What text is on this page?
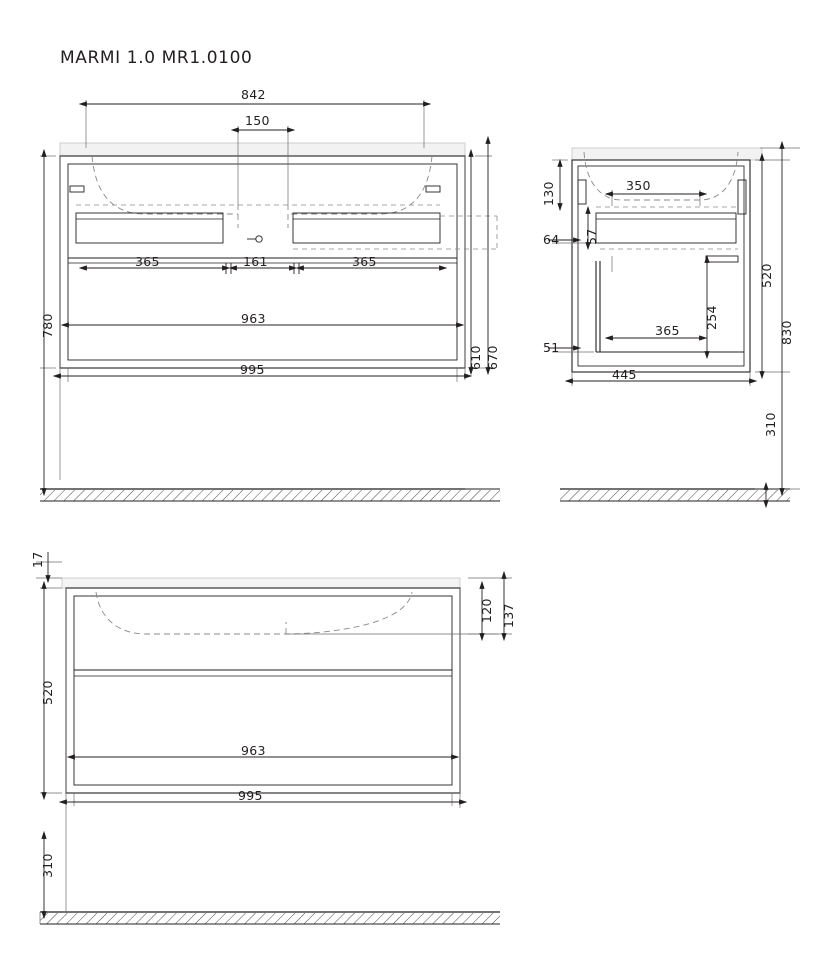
MARMI 1.0 MR1.0100
842
150
365	161	365
963
995
780
610 670
130	350
64 57
254
365
51
520
830
445
310
17
120 137
520
963
995
310
